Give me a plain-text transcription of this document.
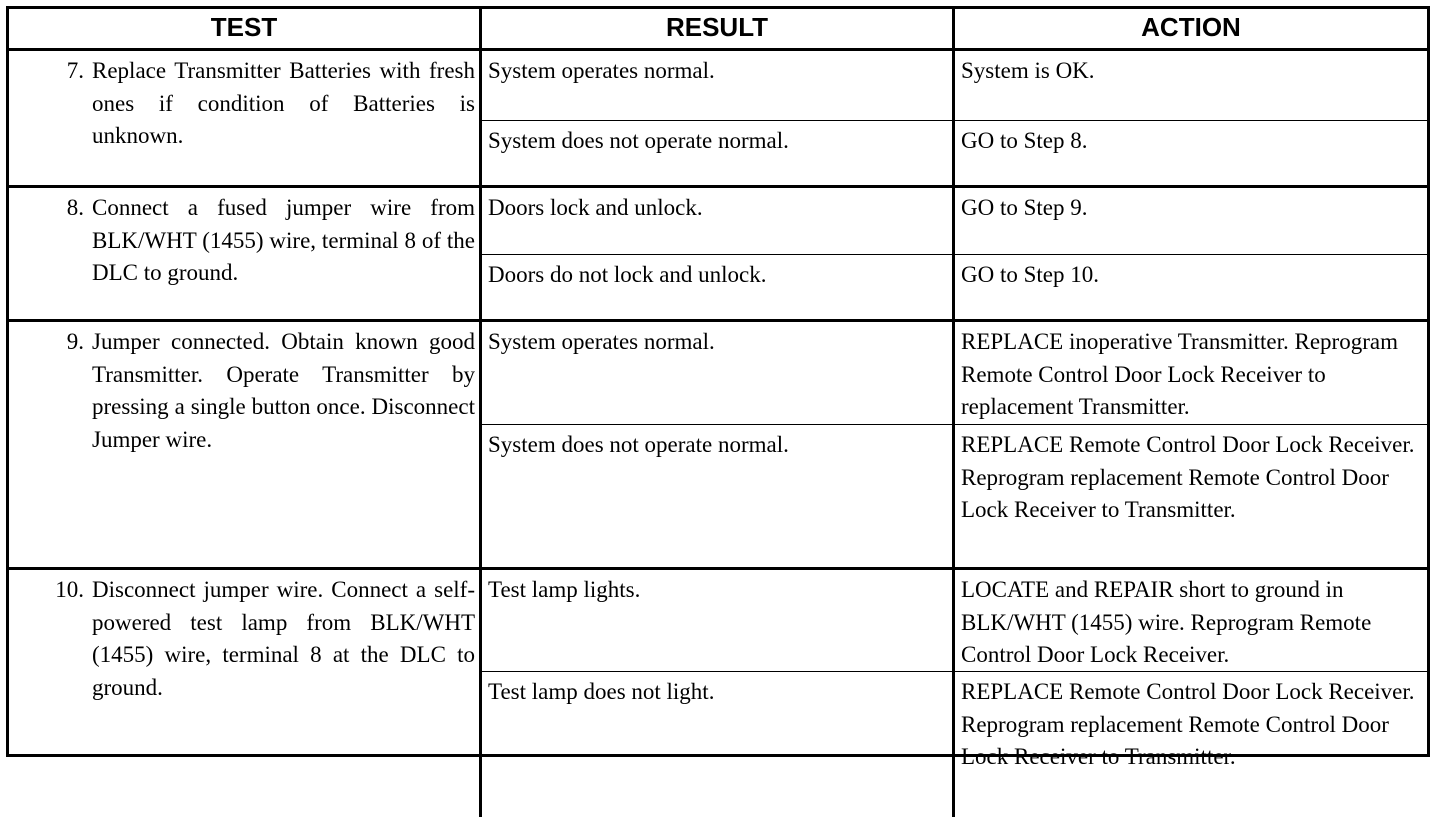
TEST	RESULT	ACTION
7. Replace Transmitter Batteries with fresh ones if condition of Batteries is unknown.
System operates normal.	System is OK.
System does not operate normal.	GO to Step 8.
8. Connect a fused jumper wire from BLK/WHT (1455) wire, terminal 8 of the DLC to ground.
Doors lock and unlock.	GO to Step 9.
Doors do not lock and unlock.	GO to Step 10.
9. Jumper connected. Obtain known good Transmitter. Operate Transmitter by pressing a single button once. Disconnect Jumper wire.
System operates normal.	REPLACE inoperative Transmitter. Reprogram Remote Control Door Lock Receiver to replacement Transmitter.
System does not operate normal.	REPLACE Remote Control Door Lock Receiver. Reprogram replacement Remote Control Door Lock Receiver to Transmitter.
10. Disconnect jumper wire. Connect a self-powered test lamp from BLK/WHT (1455) wire, terminal 8 at the DLC to ground.
Test lamp lights.	LOCATE and REPAIR short to ground in BLK/WHT (1455) wire. Reprogram Remote Control Door Lock Receiver.
Test lamp does not light.	REPLACE Remote Control Door Lock Receiver. Reprogram replacement Remote Control Door Lock Receiver to Transmitter.
